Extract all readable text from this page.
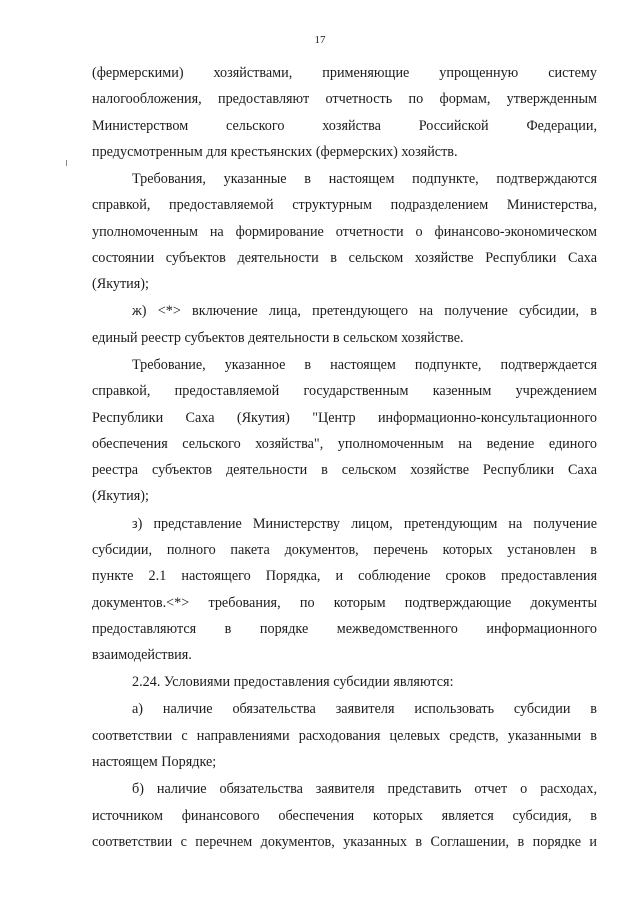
17
(фермерскими) хозяйствами, применяющие упрощенную систему
налогообложения, предоставляют отчетность по формам, утвержденным
Министерством сельского хозяйства Российской Федерации,
предусмотренным для крестьянских (фермерских) хозяйств.
Требования, указанные в настоящем подпункте, подтверждаются
справкой, предоставляемой структурным подразделением Министерства,
уполномоченным на формирование отчетности о финансово-экономическом
состоянии субъектов деятельности в сельском хозяйстве Республики Саха
(Якутия);
ж) <*> включение лица, претендующего на получение субсидии, в
единый реестр субъектов деятельности в сельском хозяйстве.
Требование, указанное в настоящем подпункте, подтверждается
справкой, предоставляемой государственным казенным учреждением
Республики Саха (Якутия) "Центр информационно-консультационного
обеспечения сельского хозяйства", уполномоченным на ведение единого
реестра субъектов деятельности в сельском хозяйстве Республики Саха
(Якутия);
з) представление Министерству лицом, претендующим на получение
субсидии, полного пакета документов, перечень которых установлен в
пункте 2.1 настоящего Порядка, и соблюдение сроков предоставления
документов.<*> требования, по которым подтверждающие документы
предоставляются в порядке межведомственного информационного
взаимодействия.
2.24. Условиями предоставления субсидии являются:
а) наличие обязательства заявителя использовать субсидии в
соответствии с направлениями расходования целевых средств, указанными в
настоящем Порядке;
б) наличие обязательства заявителя представить отчет о расходах,
источником финансового обеспечения которых является субсидия, в
соответствии с перечнем документов, указанных в Соглашении, в порядке и
